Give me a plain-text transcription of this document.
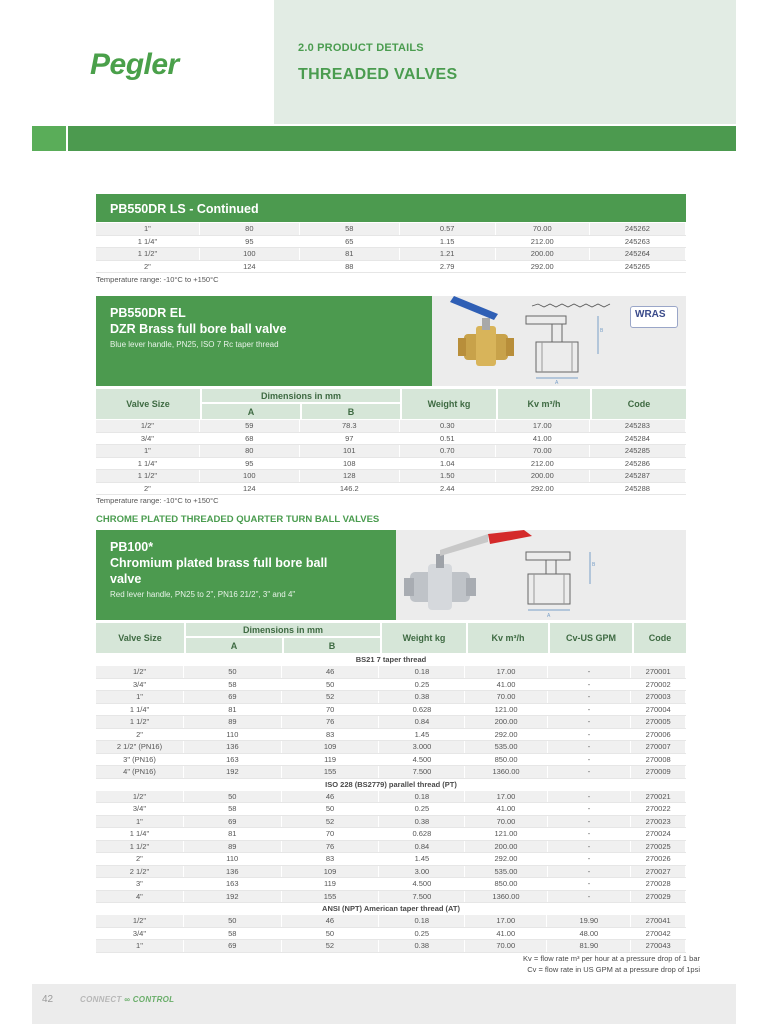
Pegler	2.0 PRODUCT DETAILS
THREADED VALVES
PB550DR LS - Continued
1"	80	58	0.57	70.00	245262
1 1/4"	95	65	1.15	212.00	245263
1 1/2"	100	81	1.21	200.00	245264
2"	124	88	2.79	292.00	245265
Temperature range: -10°C to +150°C
PB550DR EL
DZR Brass full bore ball valve
Blue lever handle, PN25, ISO 7 Rc taper thread
A
B
WRAS
Valve Size
Dimensions in mm
A	B
Weight kg	Kv m³/h	Code
1/2"	59	78.3	0.30	17.00	245283
3/4"	68	97	0.51	41.00	245284
1"	80	101	0.70	70.00	245285
1 1/4"	95	108	1.04	212.00	245286
1 1/2"	100	128	1.50	200.00	245287
2"	124	146.2	2.44	292.00	245288
Temperature range: -10°C to +150°C
CHROME PLATED THREADED QUARTER TURN BALL VALVES
PB100*
Chromium plated brass full bore ball
valve
Red lever handle, PN25 to 2", PN16 21/2", 3" and 4"
A
B
Valve Size
Dimensions in mm
A	B
Weight kg	Kv m³/h	Cv-US GPM	Code
BS21 7 taper thread
1/2"	50	46	0.18	17.00	-	270001
3/4"	58	50	0.25	41.00	-	270002
1"	69	52	0.38	70.00	-	270003
1 1/4"	81	70	0.628	121.00	-	270004
1 1/2"	89	76	0.84	200.00	-	270005
2"	110	83	1.45	292.00	-	270006
2 1/2" (PN16)	136	109	3.000	535.00	-	270007
3" (PN16)	163	119	4.500	850.00	-	270008
4" (PN16)	192	155	7.500	1360.00	-	270009
ISO 228 (BS2779) parallel thread (PT)
1/2"	50	46	0.18	17.00	-	270021
3/4"	58	50	0.25	41.00	-	270022
1"	69	52	0.38	70.00	-	270023
1 1/4"	81	70	0.628	121.00	-	270024
1 1/2"	89	76	0.84	200.00	-	270025
2"	110	83	1.45	292.00	-	270026
2 1/2"	136	109	3.00	535.00	-	270027
3"	163	119	4.500	850.00	-	270028
4"	192	155	7.500	1360.00	-	270029
ANSI (NPT) American taper thread (AT)
1/2"	50	46	0.18	17.00	19.90	270041
3/4"	58	50	0.25	41.00	48.00	270042
1"	69	52	0.38	70.00	81.90	270043
Kv = flow rate m³ per hour at a pressure drop of 1 bar
Cv = flow rate in US GPM at a pressure drop of 1psi
42	CONNECT ∞ CONTROL
